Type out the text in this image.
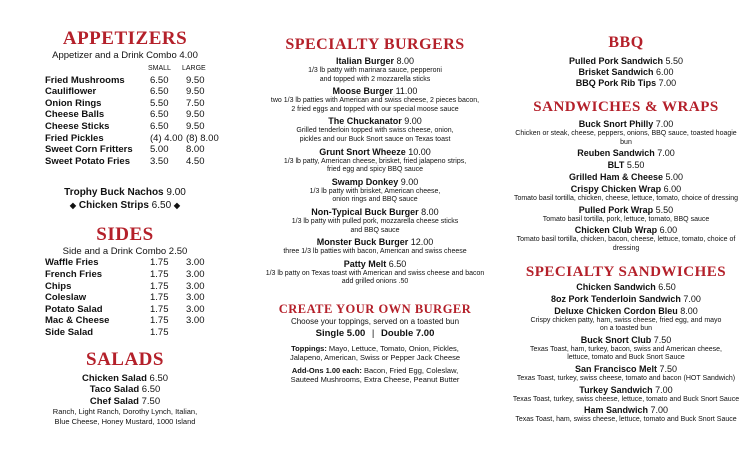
APPETIZERS
Appetizer and a Drink Combo 4.00
SMALL LARGE
Fried Mushrooms	6.50 9.50
Cauliflower	6.50 9.50
Onion Rings	5.50 7.50
Cheese Balls	6.50 9.50
Cheese Sticks	6.50 9.50
Fried Pickles	(4) 4.00 (8) 8.00
Sweet Corn Fritters 5.00 8.00
Sweet Potato Fries 3.50 4.50
Trophy Buck Nachos 9.00
◆ Chicken Strips 6.50 ◆
SIDES
Side and a Drink Combo 2.50
Waffle Fries	1.75 3.00
French Fries	1.75 3.00
Chips	1.75 3.00
Coleslaw	1.75 3.00
Potato Salad	1.75 3.00
Mac & Cheese	1.75 3.00
Side Salad	1.75
SALADS
Chicken Salad 6.50
Taco Salad 6.50
Chef Salad 7.50
Ranch, Light Ranch, Dorothy Lynch, Italian,
Blue Cheese, Honey Mustard, 1000 Island
SPECIALTY BURGERS
Italian Burger 8.00
1/3 lb patty with marinara sauce, pepperoni
and topped with 2 mozzarella sticks
Moose Burger 11.00
two 1/3 lb patties with American and swiss cheese, 2 pieces bacon,
2 fried eggs and topped with our special moose sauce
The Chuckanator 9.00
Grilled tenderloin topped with swiss cheese, onion,
pickles and our Buck Snort sauce on Texas toast
Grunt Snort Wheeze 10.00
1/3 lb patty, American cheese, brisket, fried jalapeno strips,
fried egg and spicy BBQ sauce
Swamp Donkey 9.00
1/3 lb patty with brisket, American cheese,
onion rings and BBQ sauce
Non-Typical Buck Burger 8.00
1/3 lb patty with pulled pork, mozzarella cheese sticks
and BBQ sauce
Monster Buck Burger 12.00
three 1/3 lb patties with bacon, American and swiss cheese
Patty Melt 6.50
1/3 lb patty on Texas toast with American and swiss cheese and bacon
add grilled onions .50
CREATE YOUR OWN BURGER
Choose your toppings, served on a toasted bun
Single 5.00 | Double 7.00
Toppings: Mayo, Lettuce, Tomato, Onion, Pickles,
Jalapeno, American, Swiss or Pepper Jack Cheese
Add-Ons 1.00 each: Bacon, Fried Egg, Coleslaw,
Sauteed Mushrooms, Extra Cheese, Peanut Butter
BBQ
Pulled Pork Sandwich 5.50
Brisket Sandwich 6.00
BBQ Pork Rib Tips 7.00
SANDWICHES & WRAPS
Buck Snort Philly 7.00
Chicken or steak, cheese, peppers, onions, BBQ sauce, toasted hoagie bun
Reuben Sandwich 7.00
BLT 5.50
Grilled Ham & Cheese 5.00
Crispy Chicken Wrap 6.00
Tomato basil tortilla, chicken, cheese, lettuce, tomato, choice of dressing
Pulled Pork Wrap 5.50
Tomato basil tortilla, pork, lettuce, tomato, BBQ sauce
Chicken Club Wrap 6.00
Tomato basil tortilla, chicken, bacon, cheese, lettuce, tomato, choice of dressing
SPECIALTY SANDWICHES
Chicken Sandwich 6.50
8oz Pork Tenderloin Sandwich 7.00
Deluxe Chicken Cordon Bleu 8.00
Crispy chicken patty, ham, swiss cheese, fried egg, and mayo
on a toasted bun
Buck Snort Club 7.50
Texas Toast, ham, turkey, bacon, swiss and American cheese,
lettuce, tomato and Buck Snort Sauce
San Francisco Melt 7.50
Texas Toast, turkey, swiss cheese, tomato and bacon (HOT Sandwich)
Turkey Sandwich 7.00
Texas Toast, turkey, swiss cheese, lettuce, tomato and Buck Snort Sauce
Ham Sandwich 7.00
Texas Toast, ham, swiss cheese, lettuce, tomato and Buck Snort Sauce
